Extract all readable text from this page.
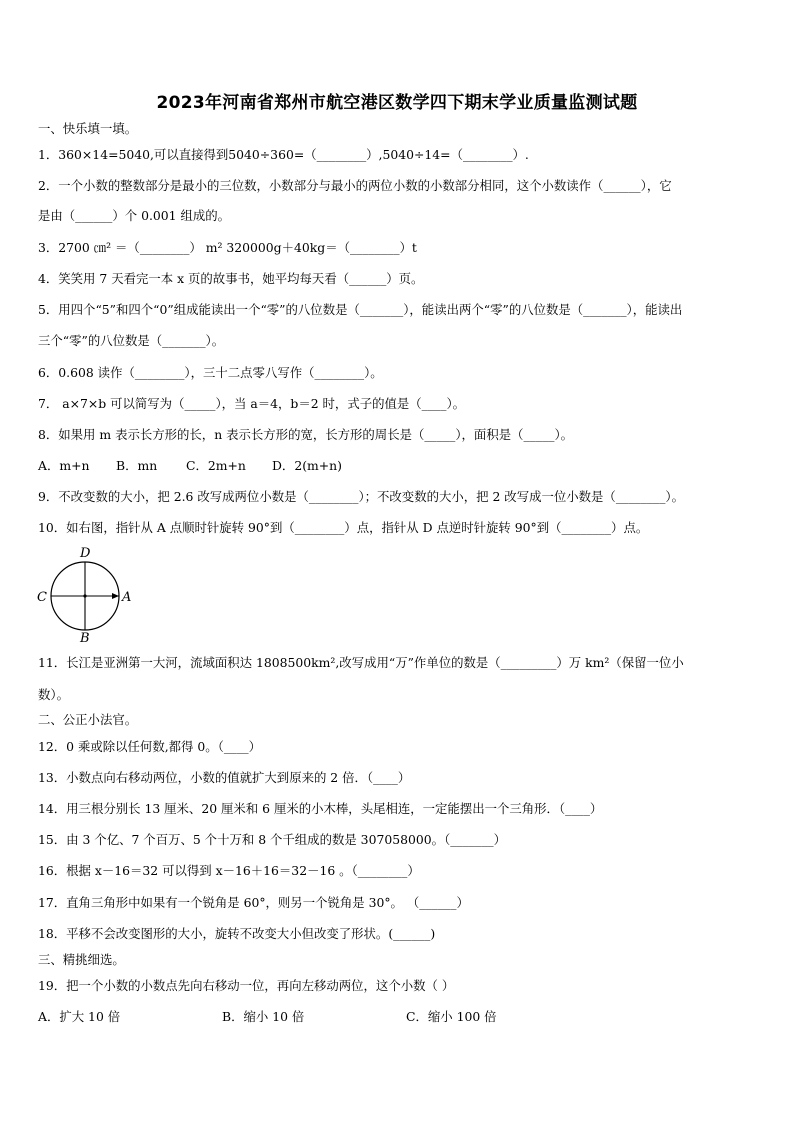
2023年河南省郑州市航空港区数学四下期末学业质量监测试题
一、快乐填一填。
1．360×14=5040,可以直接得到5040÷360=（________）,5040÷14=（________）.
2．一个小数的整数部分是最小的三位数，小数部分与最小的两位小数的小数部分相同，这个小数读作（______），它
是由（______）个 0.001 组成的。
3．2700 ㎝² ＝（________） m² 320000g＋40kg＝（________）t
4．笑笑用 7 天看完一本 x 页的故事书，她平均每天看（______）页。
5．用四个“5”和四个“0”组成能读出一个“零”的八位数是（_______），能读出两个“零”的八位数是（_______），能读出
三个“零”的八位数是（_______）。
6．0.608 读作（________），三十二点零八写作（________）。
7． a×7×b 可以简写为（_____），当 a＝4，b＝2 时，式子的值是（____）。
8．如果用 m 表示长方形的长，n 表示长方形的宽，长方形的周长是（_____），面积是（_____）。
A．m+n B．mn C．2m+n D．2(m+n)
9．不改变数的大小，把 2.6 改写成两位小数是（________）；不改变数的大小，把 2 改写成一位小数是（________）。
10．如右图，指针从 A 点顺时针旋转 90°到（________）点，指针从 D 点逆时针旋转 90°到（________）点。
D
C	A
B
11．长江是亚洲第一大河，流域面积达 1808500km²,改写成用“万”作单位的数是（_________）万 km²（保留一位小
数）。
二、公正小法官。
12．0 乘或除以任何数,都得 0。（____）
13．小数点向右移动两位，小数的值就扩大到原来的 2 倍．（____）
14．用三根分别长 13 厘米、20 厘米和 6 厘米的小木棒，头尾相连，一定能摆出一个三角形．（____）
15．由 3 个亿、7 个百万、5 个十万和 8 个千组成的数是 307058000。（_______）
16．根据 x－16＝32 可以得到 x－16＋16＝32－16 。（________）
17．直角三角形中如果有一个锐角是 60°，则另一个锐角是 30°。 （______）
18．平移不会改变图形的大小，旋转不改变大小但改变了形状。(______)
三、精挑细选。
19．把一个小数的小数点先向右移动一位，再向左移动两位，这个小数（ ）
A．扩大 10 倍	B．缩小 10 倍	C．缩小 100 倍
